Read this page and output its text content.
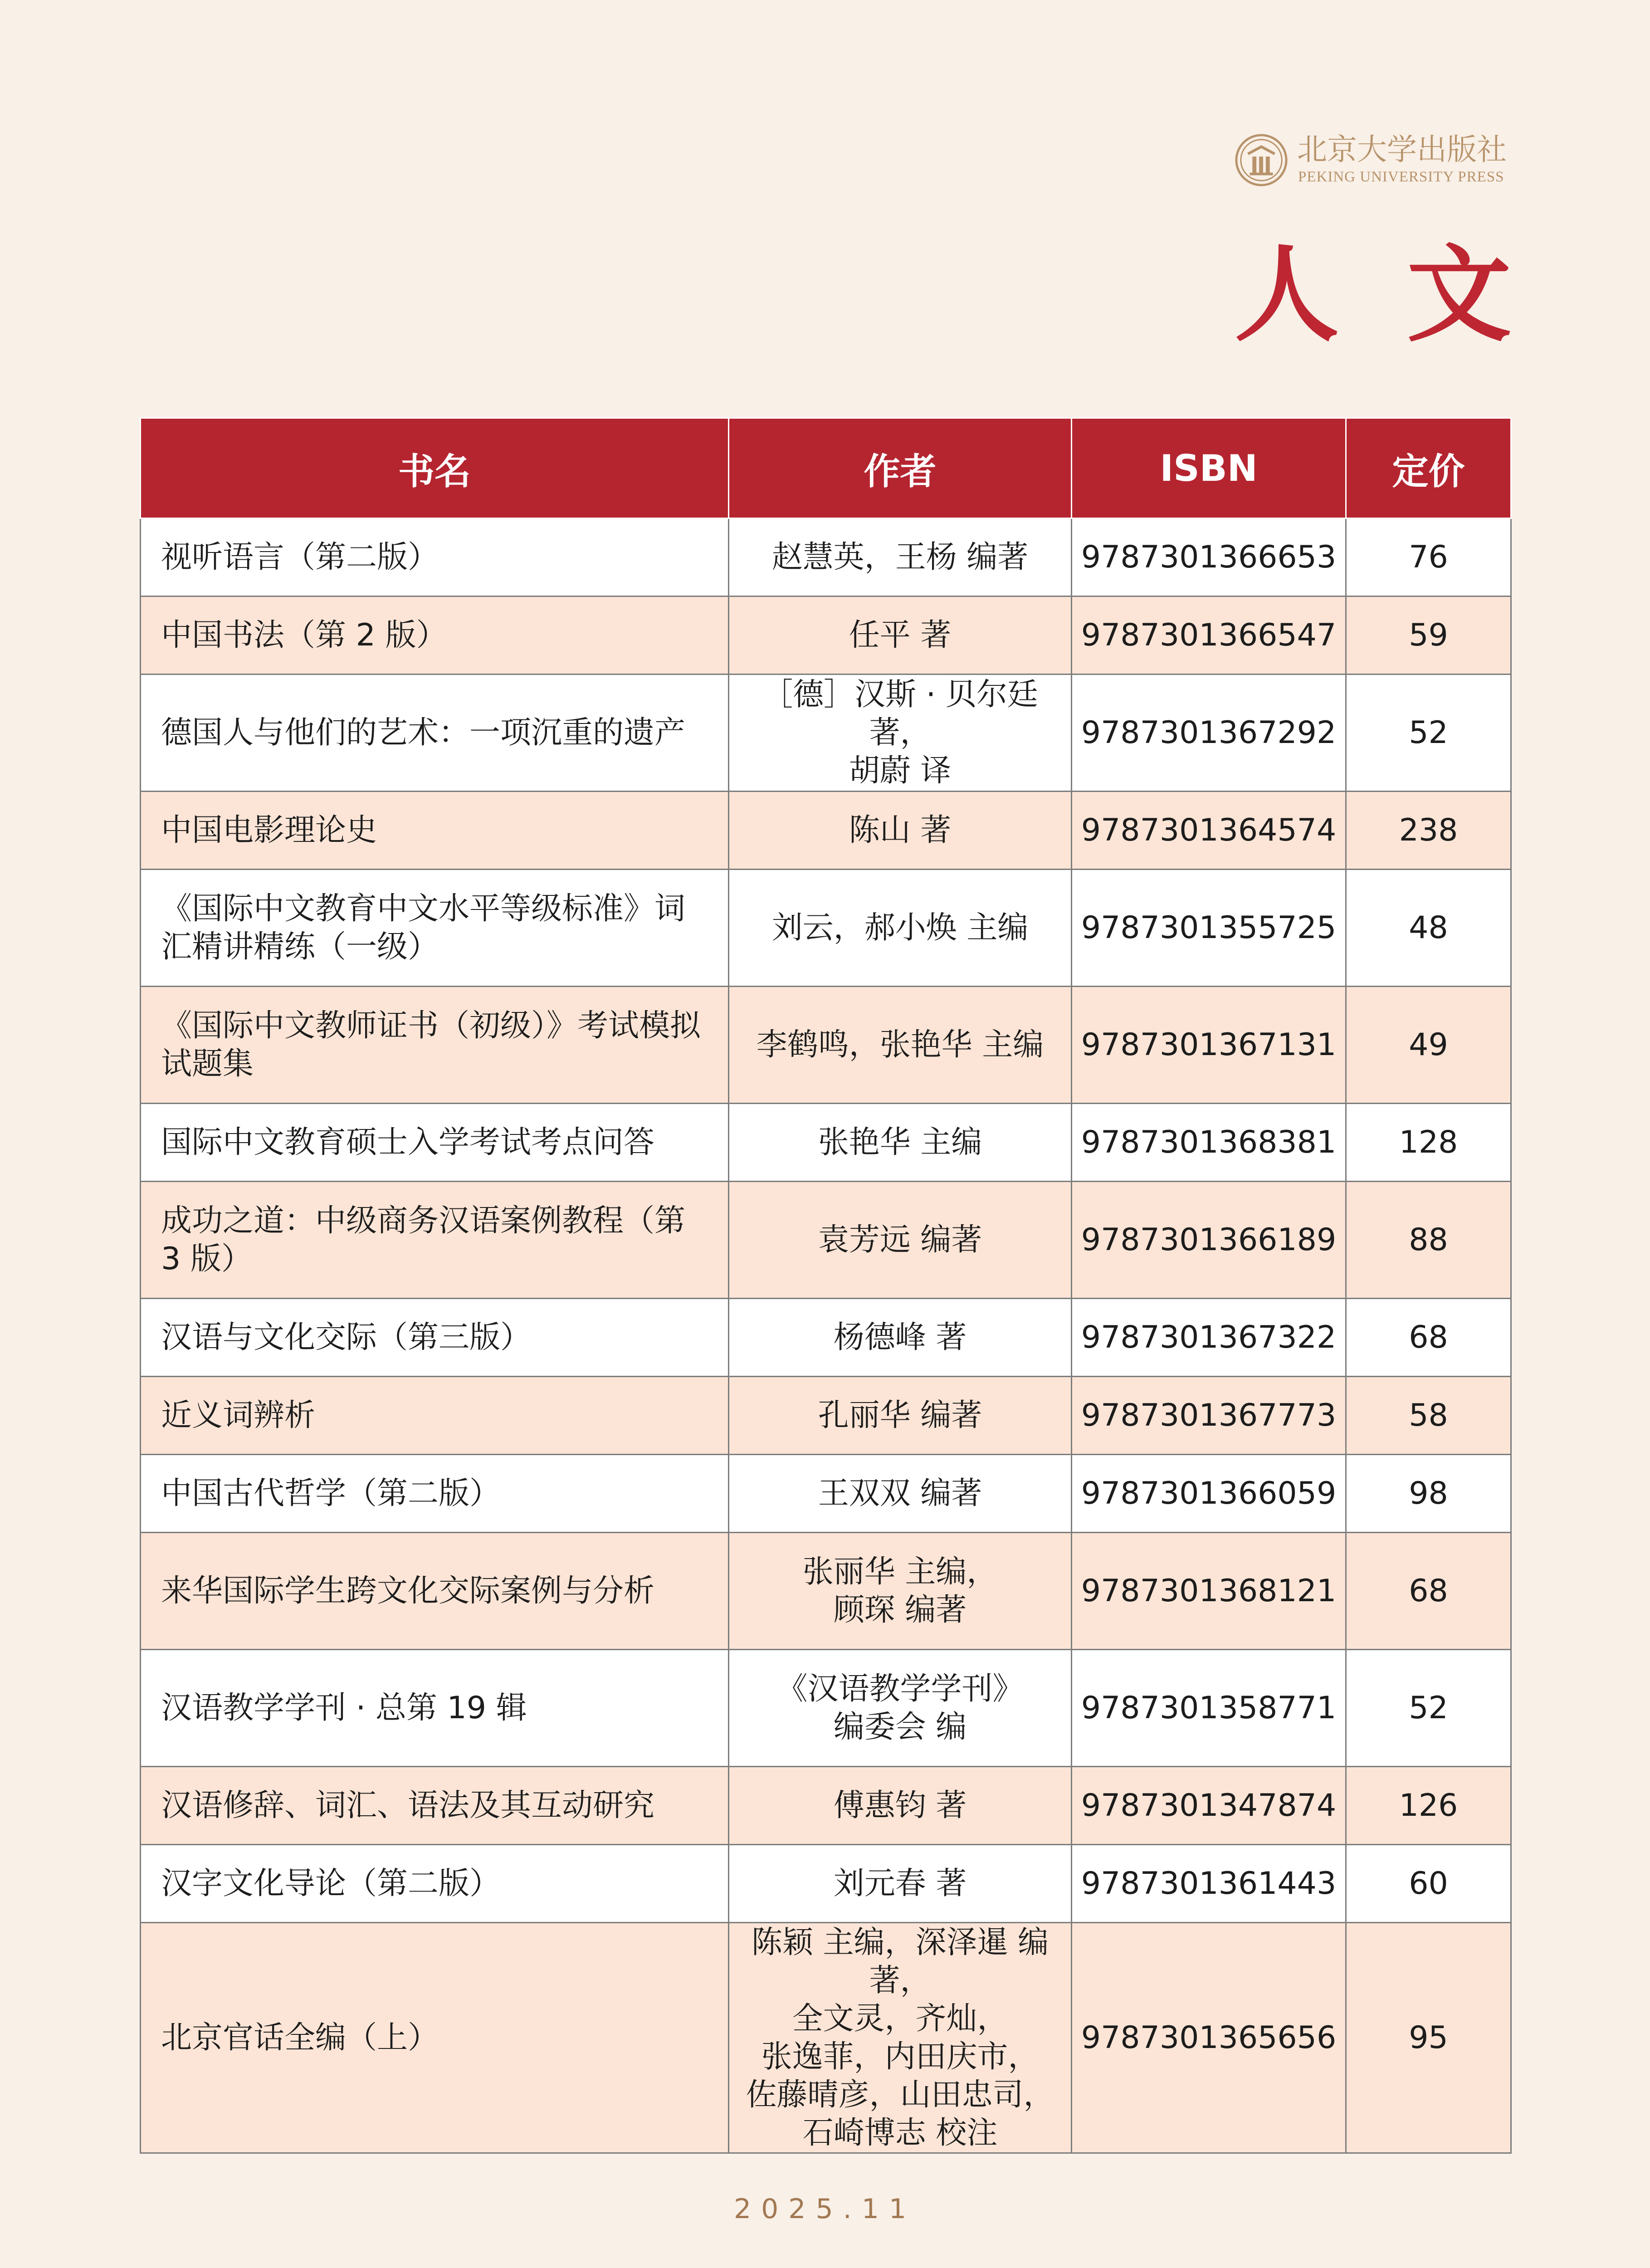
北京大学出版社
PEKING UNIVERSITY PRESS
人文
书名	作者	ISBN	定价
视听语言（第二版）	赵慧英，王杨 编著	9787301366653	76
中国书法（第 2 版）	任平 著	9787301366547	59
德国人与他们的艺术：一项沉重的遗产	［德］汉斯 · 贝尔廷 著，
胡蔚 译	9787301367292	52
中国电影理论史	陈山 著	9787301364574	238
《国际中文教育中文水平等级标准》词汇精讲精练（一级）	刘云，郝小焕 主编	9787301355725	48
《国际中文教师证书（初级）》考试模拟试题集	李鹤鸣，张艳华 主编	9787301367131	49
国际中文教育硕士入学考试考点问答	张艳华 主编	9787301368381	128
成功之道：中级商务汉语案例教程（第 3 版）	袁芳远 编著	9787301366189	88
汉语与文化交际（第三版）	杨德峰 著	9787301367322	68
近义词辨析	孔丽华 编著	9787301367773	58
中国古代哲学（第二版）	王双双 编著	9787301366059	98
来华国际学生跨文化交际案例与分析	张丽华 主编，
顾琛 编著	9787301368121	68
汉语教学学刊 · 总第 19 辑	《汉语教学学刊》
编委会 编	9787301358771	52
汉语修辞、词汇、语法及其互动研究	傅惠钧 著	9787301347874	126
汉字文化导论（第二版）	刘元春 著	9787301361443	60
北京官话全编（上）	陈颖 主编，深泽暹 编著，
全文灵，齐灿，
张逸菲，内田庆市，
佐藤晴彦，山田忠司，
石崎博志 校注	9787301365656	95
2025.11
